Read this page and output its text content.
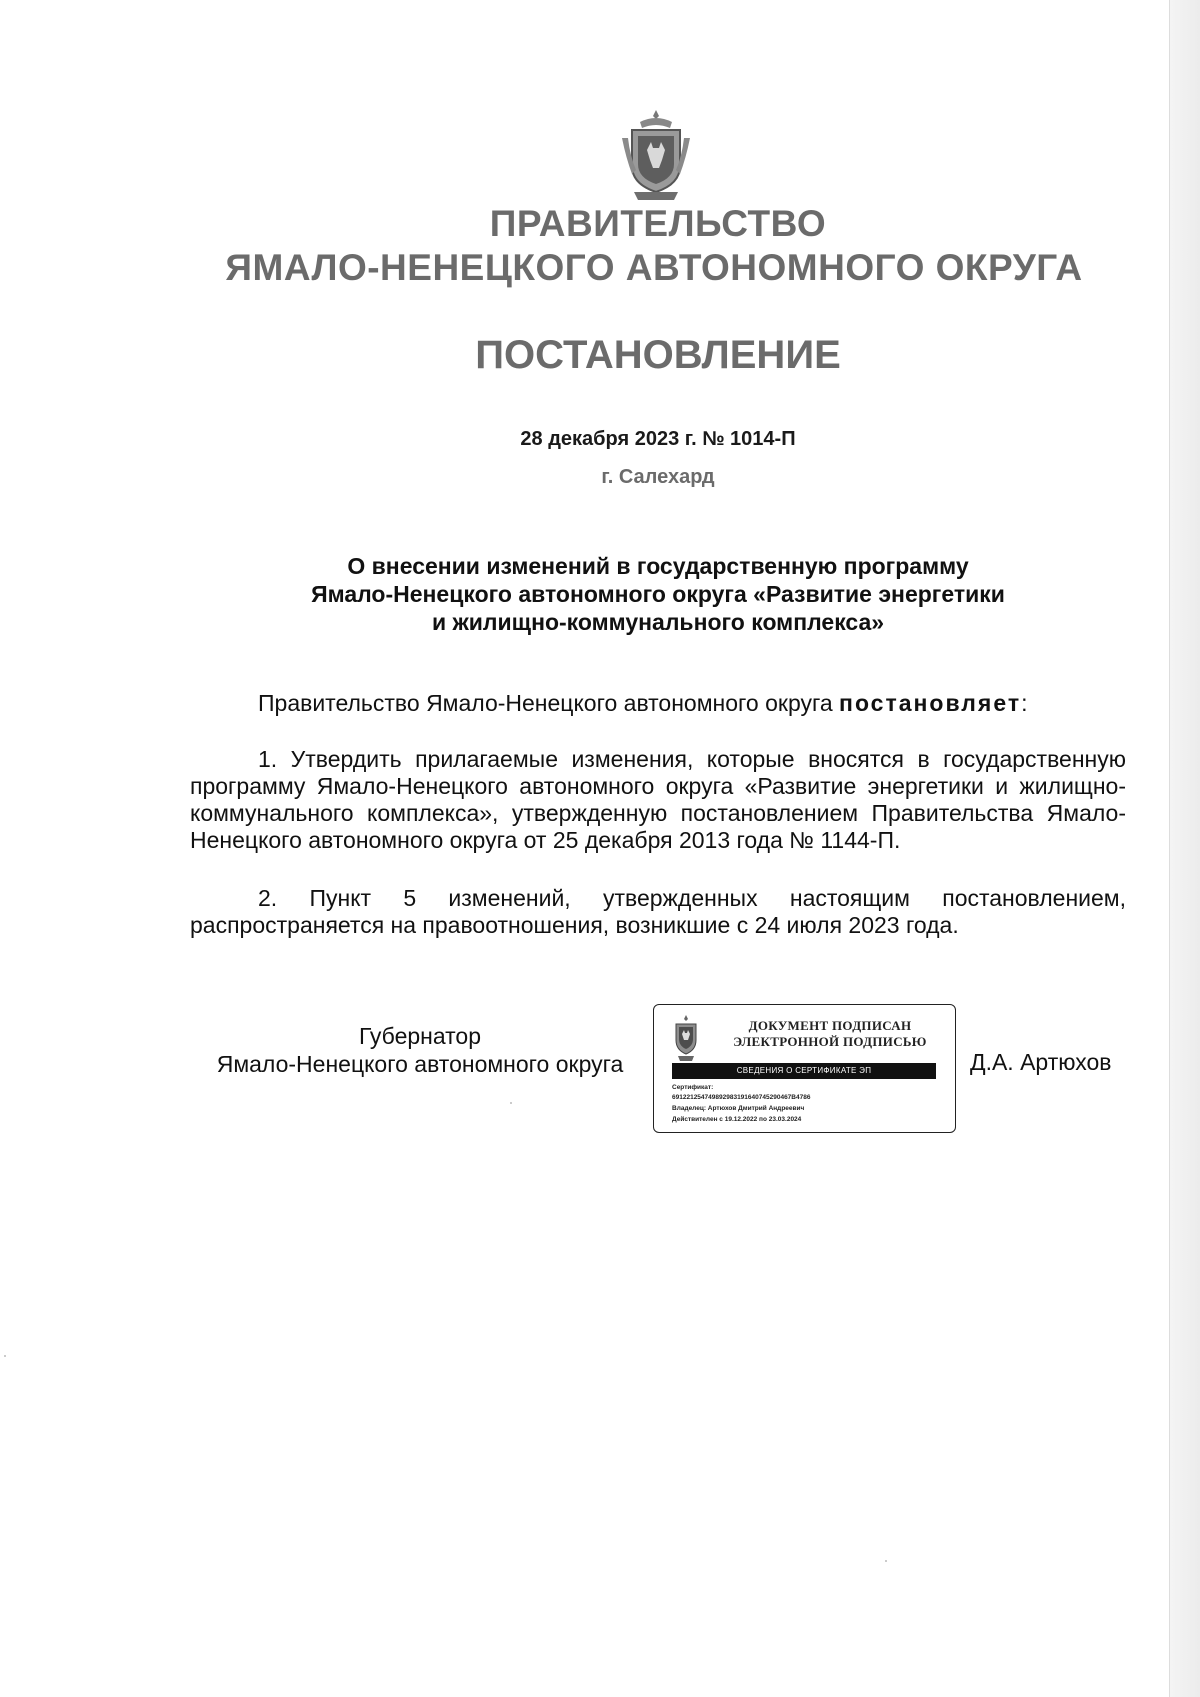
ПРАВИТЕЛЬСТВО
ЯМАЛО-НЕНЕЦКОГО АВТОНОМНОГО ОКРУГА
ПОСТАНОВЛЕНИЕ
28 декабря 2023 г. № 1014-П
г. Салехард
О внесении изменений в государственную программу
Ямало-Ненецкого автономного округа «Развитие энергетики
и жилищно-коммунального комплекса»
Правительство Ямало-Ненецкого автономного округа постановляет:

1. Утвердить прилагаемые изменения, которые вносятся в государственную программу Ямало-Ненецкого автономного округа «Развитие энергетики и жилищно-коммунального комплекса», утвержденную постановлением Правительства Ямало-Ненецкого автономного округа от 25 декабря 2013 года № 1144-П.

2. Пункт 5 изменений, утвержденных настоящим постановлением, распространяется на правоотношения, возникшие с 24 июля 2023 года.

Губернатор
Ямало-Ненецкого автономного округа
ДОКУМЕНТ ПОДПИСАН
ЭЛЕКТРОННОЙ ПОДПИСЬЮ
СВЕДЕНИЯ О СЕРТИФИКАТЕ ЭП
Сертификат:
691221254749892983191640745290467B4786
Владелец: Артюхов Дмитрий Андреевич
Действителен с 19.12.2022 по 23.03.2024
Д.А. Артюхов
